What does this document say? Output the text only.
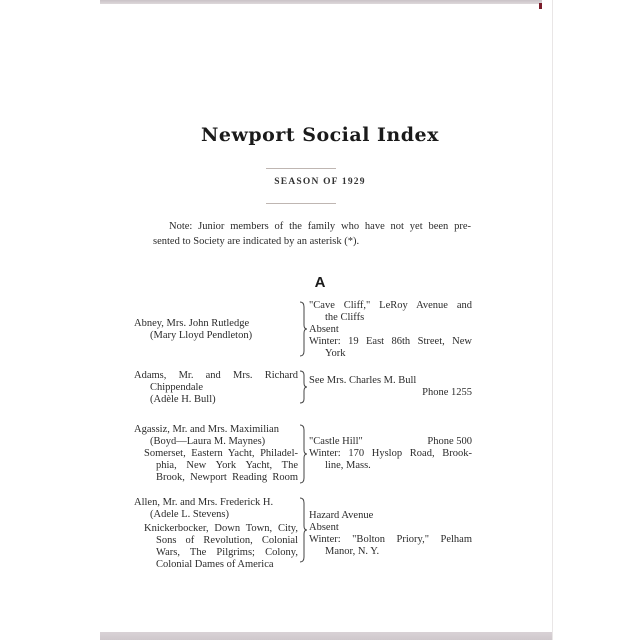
Newport Social Index
SEASON OF 1929
Note: Junior members of the family who have not yet been pre-
sented to Society are indicated by an asterisk (*).
A
Abney, Mrs. John Rutledge
(Mary Lloyd Pendleton)
"Cave Cliff," LeRoy Avenue and
the Cliffs
Absent
Winter: 19 East 86th Street, New
York
Adams, Mr. and Mrs. Richard
Chippendale
(Adèle H. Bull)
See Mrs. Charles M. Bull
Phone 1255
Agassiz, Mr. and Mrs. Maximilian
(Boyd—Laura M. Maynes)
Somerset, Eastern Yacht, Philadel-
phia, New York Yacht, The
Brook, Newport Reading Room
"Castle Hill"	Phone 500
Winter: 170 Hyslop Road, Brook-
line, Mass.
Allen, Mr. and Mrs. Frederick H.
(Adele L. Stevens)
Knickerbocker, Down Town, City,
Sons of Revolution, Colonial
Wars, The Pilgrims; Colony,
Colonial Dames of America
Hazard Avenue
Absent
Winter: "Bolton Priory," Pelham
Manor, N. Y.
